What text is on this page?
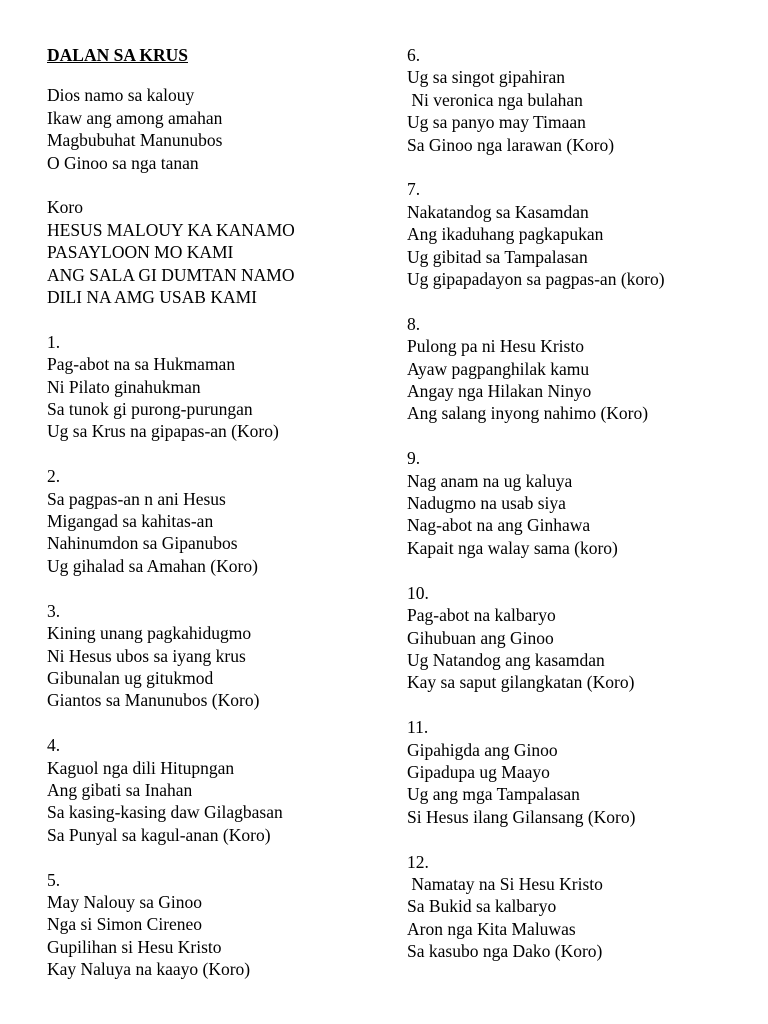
DALAN SA KRUS
Dios namo sa kalouy
Ikaw ang among amahan
Magbubuhat Manunubos
O Ginoo sa nga tanan
Koro
HESUS MALOUY KA KANAMO
PASAYLOON MO KAMI
ANG SALA GI DUMTAN NAMO
DILI NA AMG USAB KAMI
1.
Pag-abot na sa Hukmaman
Ni Pilato ginahukman
Sa tunok gi purong-purungan
Ug sa Krus na gipapas-an (Koro)
2.
Sa pagpas-an n ani Hesus
Migangad sa kahitas-an
Nahinumdon sa Gipanubos
Ug gihalad sa Amahan (Koro)
3.
Kining unang pagkahidugmo
Ni Hesus ubos sa iyang krus
Gibunalan ug gitukmod
Giantos sa Manunubos (Koro)
4.
Kaguol nga dili Hitupngan
Ang gibati sa Inahan
Sa kasing-kasing daw Gilagbasan
Sa Punyal sa kagul-anan (Koro)
5.
May Nalouy sa Ginoo
Nga si Simon Cireneo
Gupilihan si Hesu Kristo
Kay Naluya na kaayo (Koro)
6.
Ug sa singot gipahiran
Ni veronica nga bulahan
Ug sa panyo may Timaan
Sa Ginoo nga larawan (Koro)
7.
Nakatandog sa Kasamdan
Ang ikaduhang pagkapukan
Ug gibitad sa Tampalasan
Ug gipapadayon sa pagpas-an (koro)
8.
Pulong pa ni Hesu Kristo
Ayaw pagpanghilak kamu
Angay nga Hilakan Ninyo
Ang salang inyong nahimo (Koro)
9.
Nag anam na ug kaluya
Nadugmo na usab siya
Nag-abot na ang Ginhawa
Kapait nga walay sama (koro)
10.
Pag-abot na kalbaryo
Gihubuan ang Ginoo
Ug Natandog ang kasamdan
Kay sa saput gilangkatan (Koro)
11.
Gipahigda ang Ginoo
Gipadupa ug Maayo
Ug ang mga Tampalasan
Si Hesus ilang Gilansang (Koro)
12.
Namatay na Si Hesu Kristo
Sa Bukid sa kalbaryo
Aron nga Kita Maluwas
Sa kasubo nga Dako (Koro)
